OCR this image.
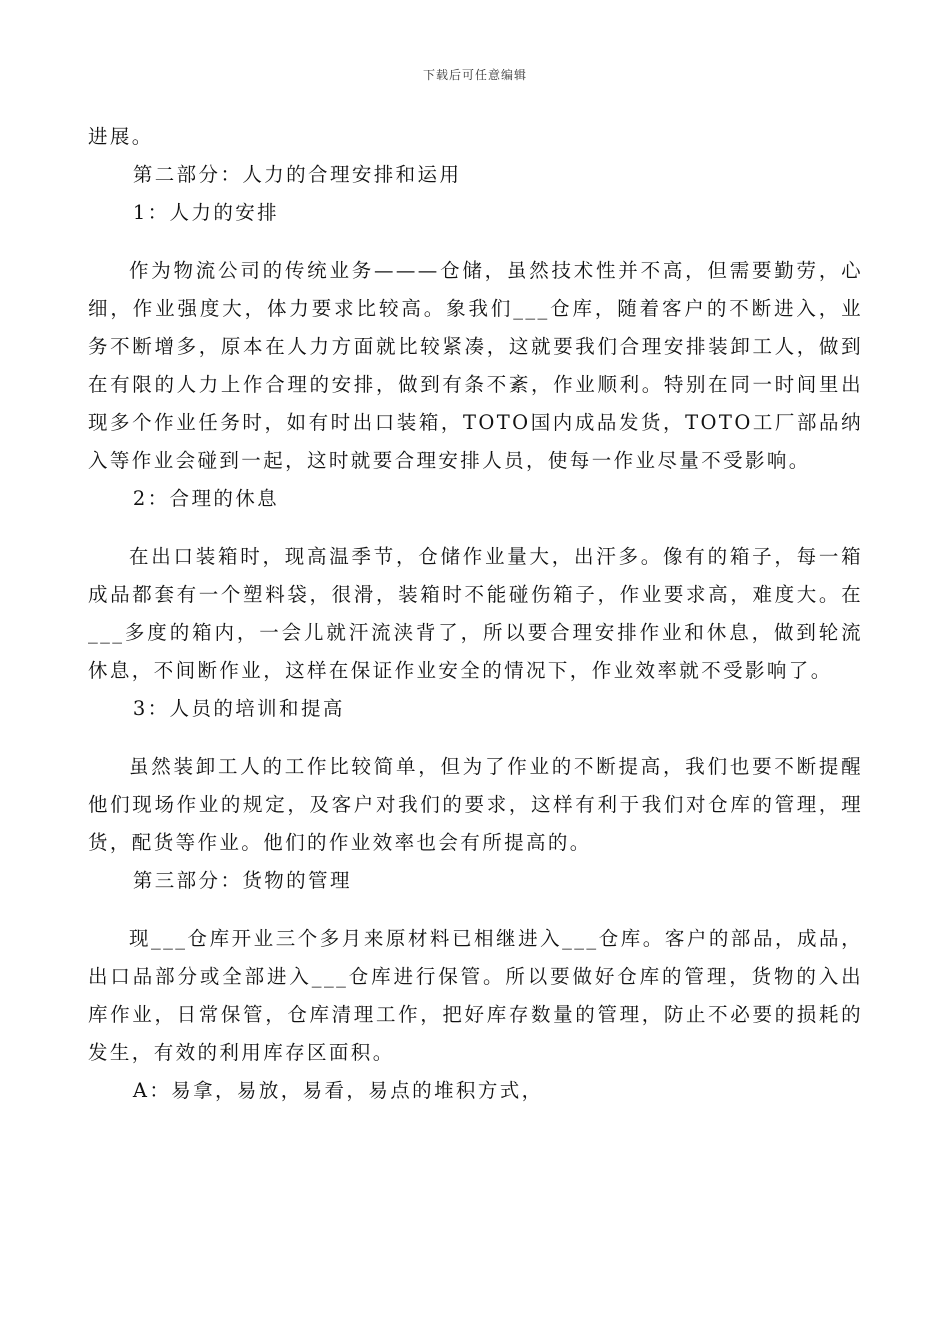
下载后可任意编辑

进展。

第二部分：人力的合理安排和运用

1：人力的安排

作为物流公司的传统业务———仓储，虽然技术性并不高，但需要勤劳，心细，作业强度大，体力要求比较高。象我们___仓库，随着客户的不断进入，业务不断增多，原本在人力方面就比较紧凑，这就要我们合理安排装卸工人，做到在有限的人力上作合理的安排，做到有条不紊，作业顺利。特别在同一时间里出现多个作业任务时，如有时出口装箱，TOTO国内成品发货，TOTO工厂部品纳入等作业会碰到一起，这时就要合理安排人员，使每一作业尽量不受影响。

2：合理的休息

在出口装箱时，现高温季节，仓储作业量大，出汗多。像有的箱子，每一箱成品都套有一个塑料袋，很滑，装箱时不能碰伤箱子，作业要求高，难度大。在___多度的箱内，一会儿就汗流浃背了，所以要合理安排作业和休息，做到轮流休息，不间断作业，这样在保证作业安全的情况下，作业效率就不受影响了。

3：人员的培训和提高

虽然装卸工人的工作比较简单，但为了作业的不断提高，我们也要不断提醒他们现场作业的规定，及客户对我们的要求，这样有利于我们对仓库的管理，理货，配货等作业。他们的作业效率也会有所提高的。

第三部分：货物的管理

现___仓库开业三个多月来原材料已相继进入___仓库。客户的部品，成品，出口品部分或全部进入___仓库进行保管。所以要做好仓库的管理，货物的入出库作业，日常保管，仓库清理工作，把好库存数量的管理，防止不必要的损耗的发生，有效的利用库存区面积。

A：易拿，易放，易看，易点的堆积方式，
